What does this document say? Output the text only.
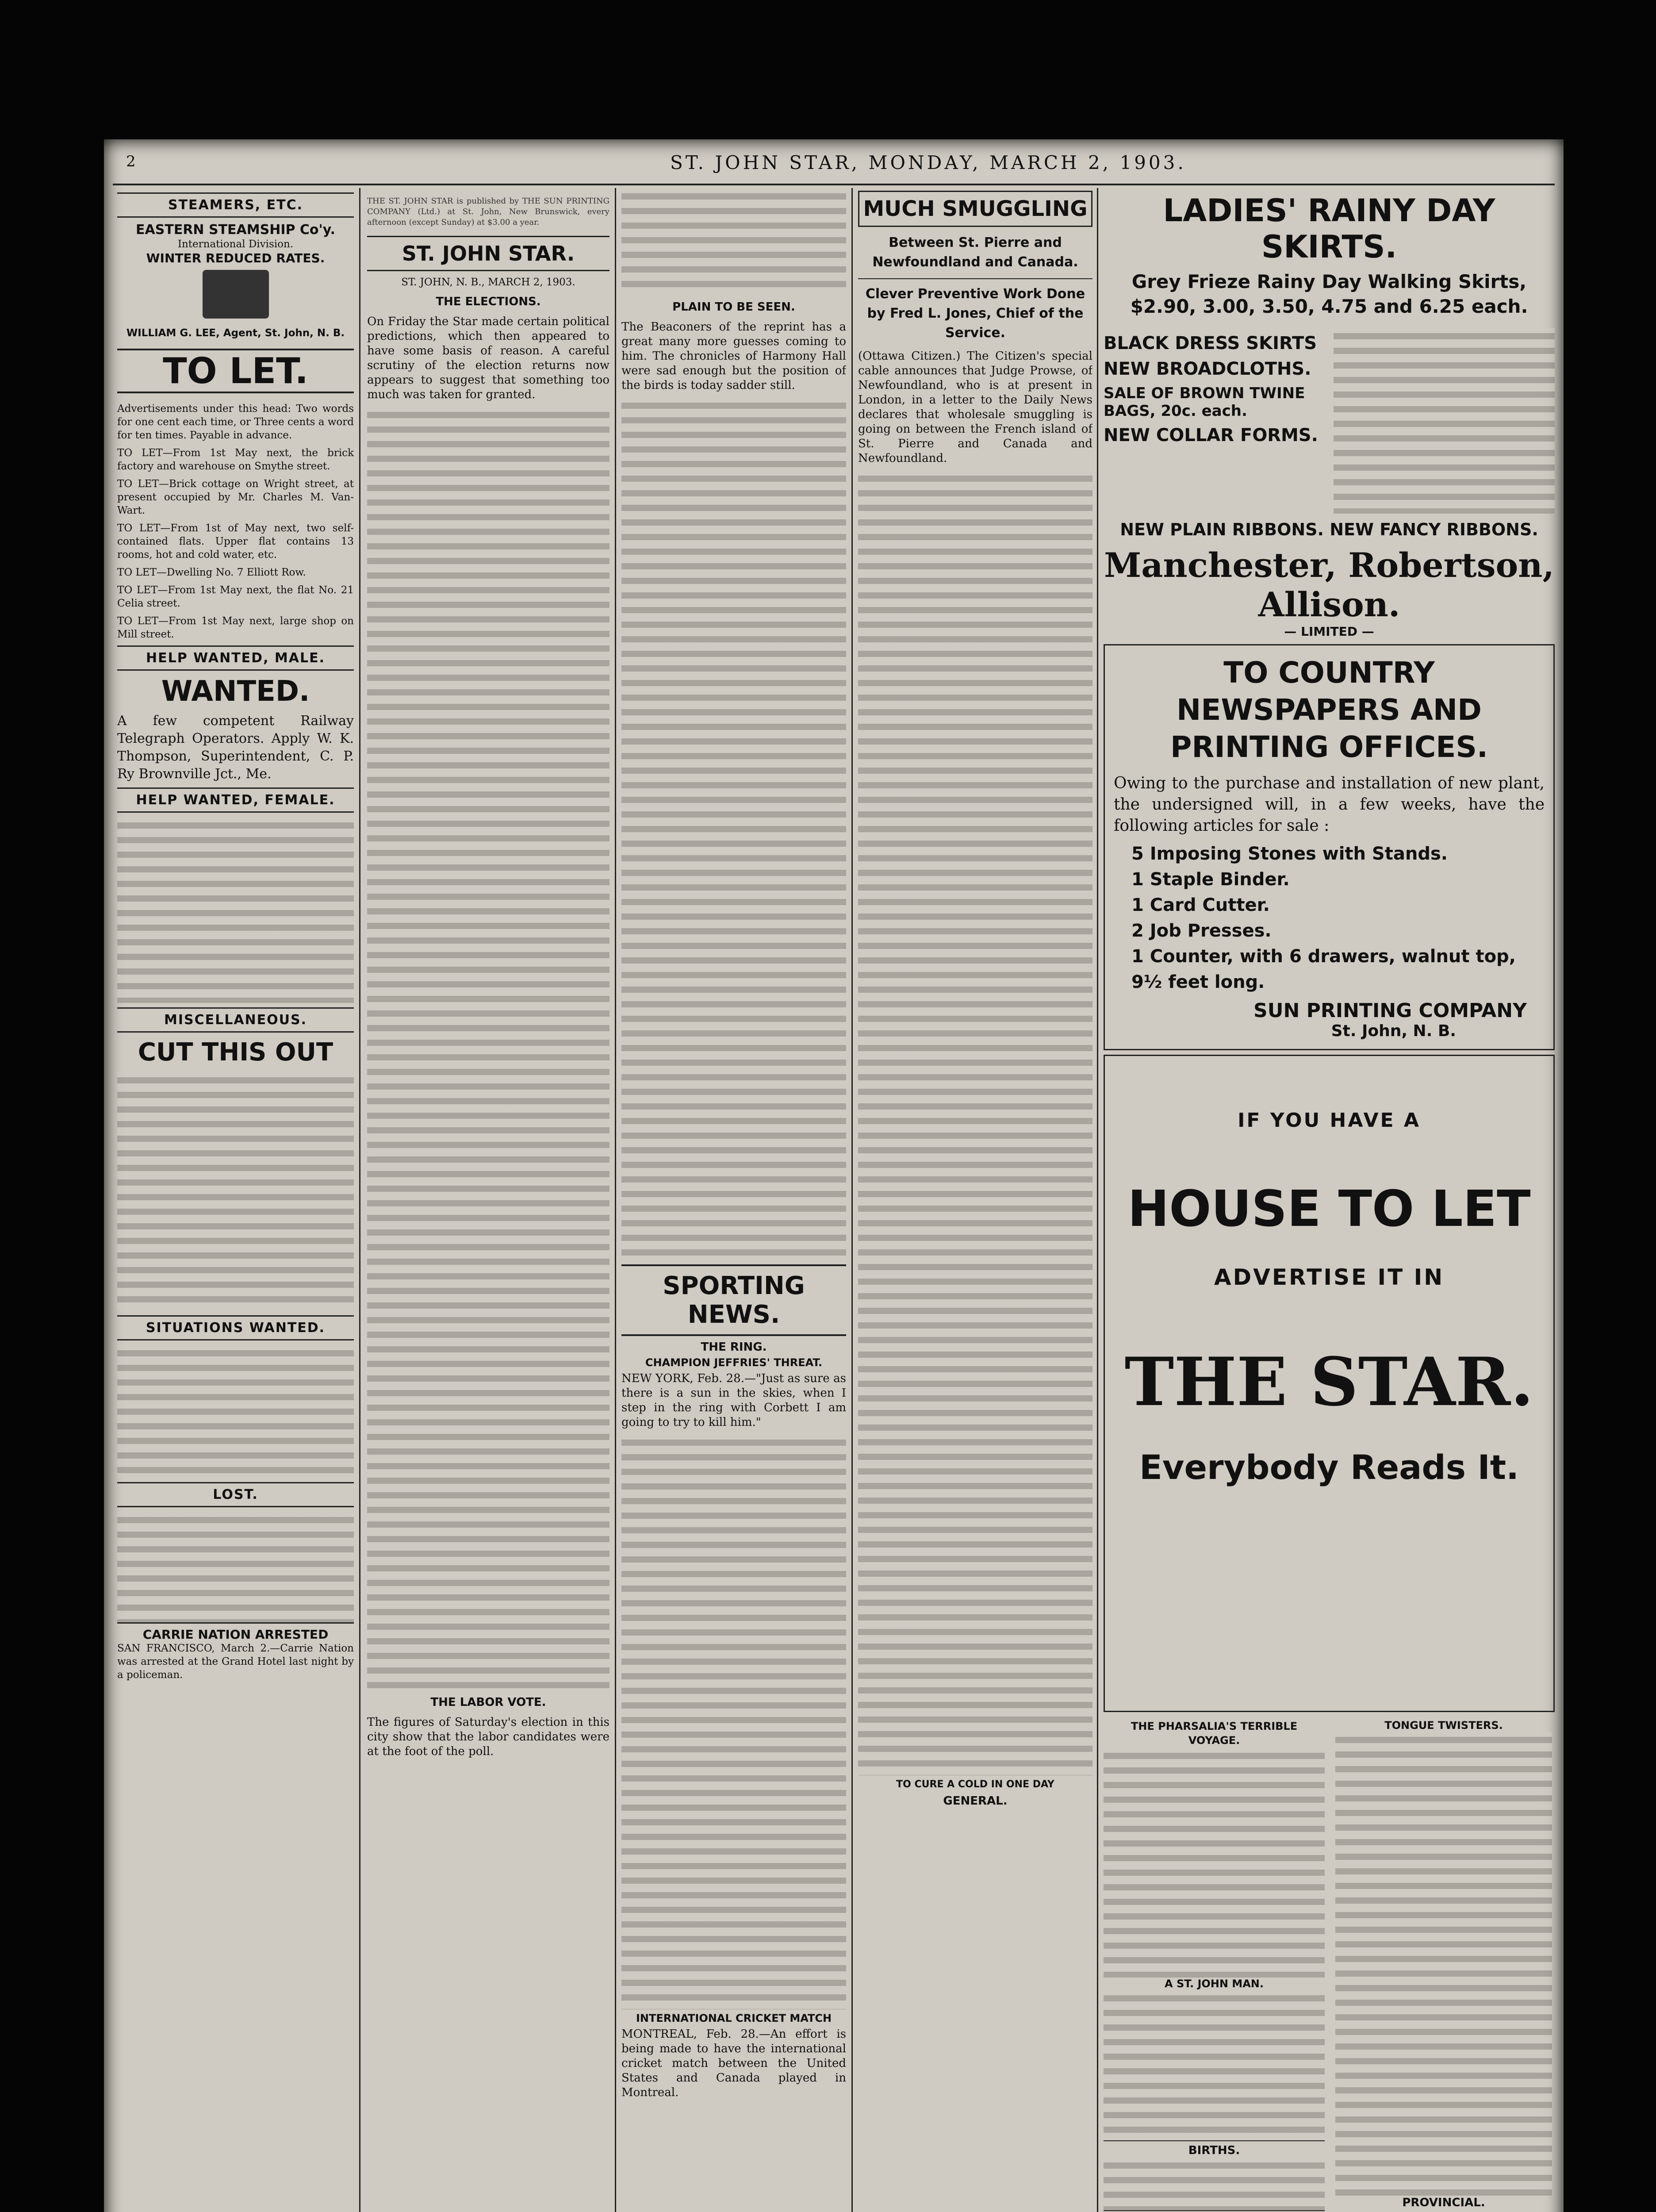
2	ST. JOHN STAR, MONDAY, MARCH 2, 1903.
STEAMERS, ETC.
EASTERN STEAMSHIP Co'y.
International Division.
WINTER REDUCED RATES.

WILLIAM G. LEE, Agent, St. John, N. B.
TO LET.

Advertisements under this head: Two words for one cent each time, or Three cents a word for ten times. Payable in advance.

TO LET—From 1st May next, the brick factory and warehouse on Smythe street.

TO LET—Brick cottage on Wright street, at present occupied by Mr. Charles M. Van-Wart.

TO LET—From 1st of May next, two self-contained flats. Upper flat contains 13 rooms, hot and cold water, etc.

TO LET—Dwelling No. 7 Elliott Row.

TO LET—From 1st May next, the flat No. 21 Celia street.

TO LET—From 1st May next, large shop on Mill street.

HELP WANTED, MALE.
WANTED.

A few competent Railway Telegraph Operators. Apply W. K. Thompson, Superintendent, C. P. Ry Brownville Jct., Me.

HELP WANTED, FEMALE.
MISCELLANEOUS.
CUT THIS OUT
SITUATIONS WANTED.
LOST.
CARRIE NATION ARRESTED

SAN FRANCISCO, March 2.—Carrie Nation was arrested at the Grand Hotel last night by a policeman.

THE ST. JOHN STAR is published by THE SUN PRINTING COMPANY (Ltd.) at St. John, New Brunswick, every afternoon (except Sunday) at $3.00 a year.

ST. JOHN STAR.
ST. JOHN, N. B., MARCH 2, 1903.
THE ELECTIONS.

On Friday the Star made certain political predictions, which then appeared to have some basis of reason. A careful scrutiny of the election returns now appears to suggest that something too much was taken for granted.

THE LABOR VOTE.

The figures of Saturday's election in this city show that the labor candidates were at the foot of the poll.

PLAIN TO BE SEEN.

The Beaconers of the reprint has a great many more guesses coming to him. The chronicles of Harmony Hall were sad enough but the position of the birds is today sadder still.

SPORTING NEWS.
THE RING.
CHAMPION JEFFRIES' THREAT.

NEW YORK, Feb. 28.—"Just as sure as there is a sun in the skies, when I step in the ring with Corbett I am going to try to kill him."

INTERNATIONAL CRICKET MATCH

MONTREAL, Feb. 28.—An effort is being made to have the international cricket match between the United States and Canada played in Montreal.

MUCH SMUGGLING
Between St. Pierre and Newfoundland and Canada.
Clever Preventive Work Done by Fred L. Jones, Chief of the Service.

(Ottawa Citizen.) The Citizen's special cable announces that Judge Prowse, of Newfoundland, who is at present in London, in a letter to the Daily News declares that wholesale smuggling is going on between the French island of St. Pierre and Canada and Newfoundland.

TO CURE A COLD IN ONE DAY
GENERAL.
LADIES' RAINY DAY SKIRTS.
Grey Frieze Rainy Day Walking Skirts, $2.90, 3.00, 3.50, 4.75 and 6.25 each.
BLACK DRESS SKIRTS
NEW BROADCLOTHS.
SALE OF BROWN TWINE BAGS, 20c. each.
NEW COLLAR FORMS.
NEW PLAIN RIBBONS. NEW FANCY RIBBONS.
Manchester, Robertson, Allison.
— LIMITED —
TO COUNTRY NEWSPAPERS AND PRINTING OFFICES.

Owing to the purchase and installation of new plant, the undersigned will, in a few weeks, have the following articles for sale :

5 Imposing Stones with Stands.
1 Staple Binder.
1 Card Cutter.
2 Job Presses.
1 Counter, with 6 drawers, walnut top, 9½ feet long.
SUN PRINTING COMPANY
St. John, N. B.
IF YOU HAVE A
HOUSE TO LET
ADVERTISE IT IN
THE STAR.
Everybody Reads It.
THE PHARSALIA'S TERRIBLE VOYAGE.
A ST. JOHN MAN.
BIRTHS.
TONGUE TWISTERS.
PROVINCIAL.
